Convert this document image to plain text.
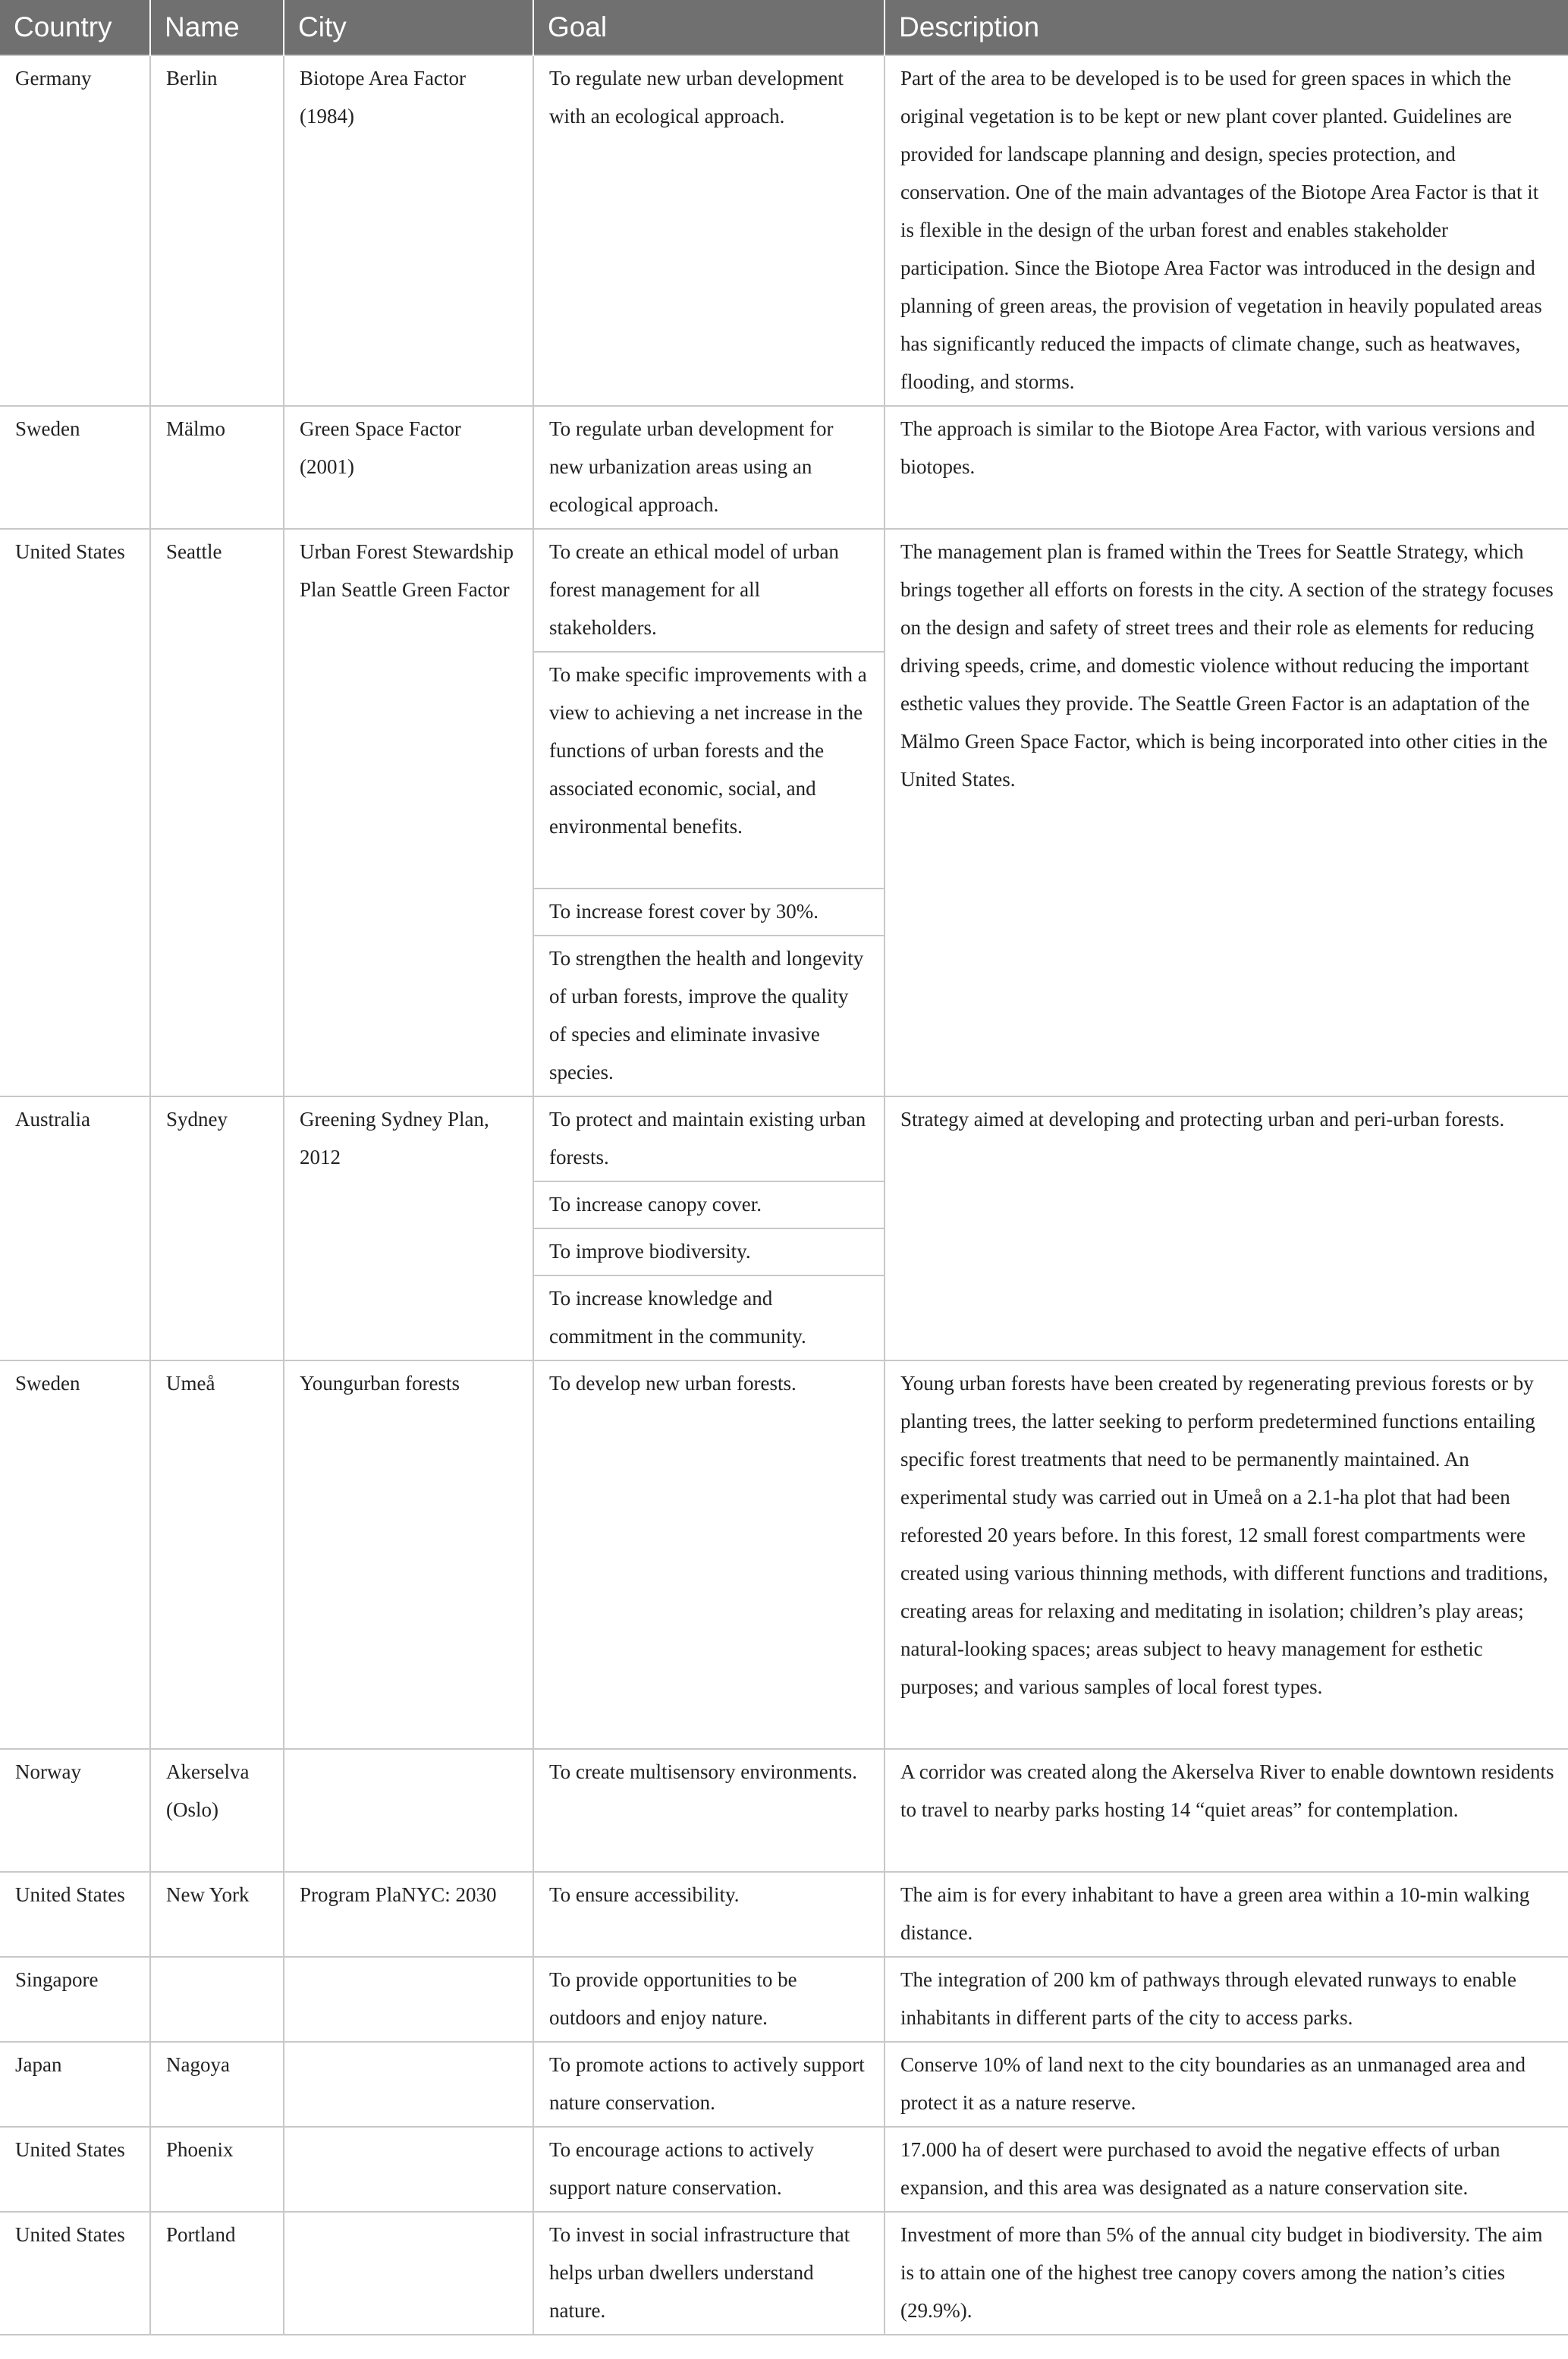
Country	Name	City	Goal	Description
Germany	Berlin	Biotope Area Factor (1984)	To regulate new urban development with an ecological approach.	Part of the area to be developed is to be used for green spaces in which the original vegetation is to be kept or new plant cover planted. Guidelines are provided for landscape planning and design, species protection, and conservation. One of the main advantages of the Biotope Area Factor is that it is flexible in the design of the urban forest and enables stakeholder participation. Since the Biotope Area Factor was introduced in the design and planning of green areas, the provision of vegetation in heavily populated areas has significantly reduced the impacts of climate change, such as heatwaves, flooding, and storms.
Sweden	Mälmo	Green Space Factor (2001)	To regulate urban development for new urbanization areas using an ecological approach.	The approach is similar to the Biotope Area Factor, with various versions and biotopes.
United States	Seattle	Urban Forest Stewardship Plan Seattle Green Factor	To create an ethical model of urban forest management for all stakeholders.	The management plan is framed within the Trees for Seattle Strategy, which brings together all efforts on forests in the city. A section of the strategy focuses on the design and safety of street trees and their role as elements for reducing driving speeds, crime, and domestic violence without reducing the important esthetic values they provide. The Seattle Green Factor is an adaptation of the Mälmo Green Space Factor, which is being incorporated into other cities in the United States.
			To make specific improvements with a view to achieving a net increase in the functions of urban forests and the associated economic, social, and environmental benefits.	
			To increase forest cover by 30%.	
			To strengthen the health and longevity of urban forests, improve the quality of species and eliminate invasive species.	
Australia	Sydney	Greening Sydney Plan, 2012	To protect and maintain existing urban forests.	Strategy aimed at developing and protecting urban and peri-urban forests.
			To increase canopy cover.	
			To improve biodiversity.	
			To increase knowledge and commitment in the community.	
Sweden	Umeå	Youngurban forests	To develop new urban forests.	Young urban forests have been created by regenerating previous forests or by planting trees, the latter seeking to perform predetermined functions entailing specific forest treatments that need to be permanently maintained. An experimental study was carried out in Umeå on a 2.1-ha plot that had been reforested 20 years before. In this forest, 12 small forest compartments were created using various thinning methods, with different functions and traditions, creating areas for relaxing and meditating in isolation; children’s play areas; natural-looking spaces; areas subject to heavy management for esthetic purposes; and various samples of local forest types.
Norway	Akerselva (Oslo)		To create multisensory environments.	A corridor was created along the Akerselva River to enable downtown residents to travel to nearby parks hosting 14 “quiet areas” for contemplation.
United States	New York	Program PlaNYC: 2030	To ensure accessibility.	The aim is for every inhabitant to have a green area within a 10-min walking distance.
Singapore			To provide opportunities to be outdoors and enjoy nature.	The integration of 200 km of pathways through elevated runways to enable inhabitants in different parts of the city to access parks.
Japan	Nagoya		To promote actions to actively support nature conservation.	Conserve 10% of land next to the city boundaries as an unmanaged area and protect it as a nature reserve.
United States	Phoenix		To encourage actions to actively support nature conservation.	17.000 ha of desert were purchased to avoid the negative effects of urban expansion, and this area was designated as a nature conservation site.
United States	Portland		To invest in social infrastructure that helps urban dwellers understand nature.	Investment of more than 5% of the annual city budget in biodiversity. The aim is to attain one of the highest tree canopy covers among the nation’s cities (29.9%).
